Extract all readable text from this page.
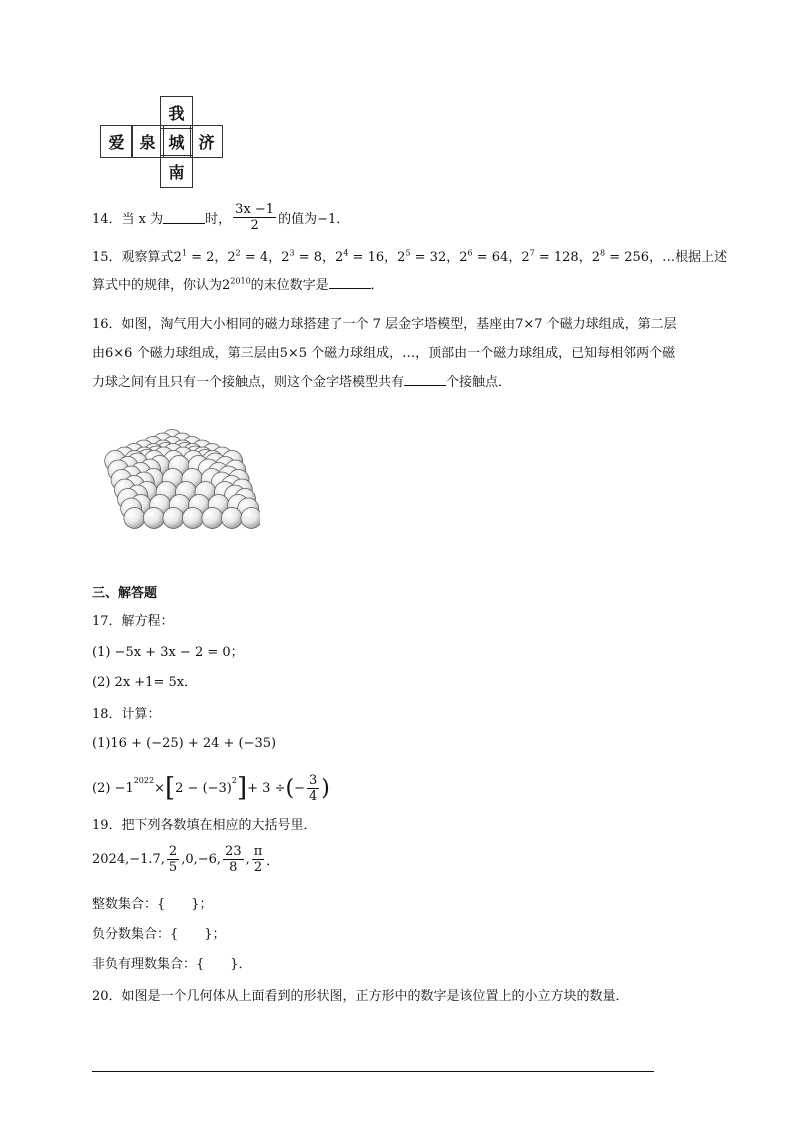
我
爱 泉 城 济
南
14． 当 x 为	时， $\frac{3x -1}{2}$ 的值为−1．
15．观察算式$2^1 = 2$，$2^2 = 4$，$2^3 = 8$，$2^4 = 16$，$2^5 = 32$，$2^6 = 64$，$2^7 = 128$，$2^8 = 256$，…根据上述
算式中的规律，你认为$2^{2010}$的末位数字是	．
16．如图，淘气用大小相同的磁力球搭建了一个 7 层金字塔模型，基座由7×7 个磁力球组成，第二层
由6×6 个磁力球组成，第三层由5×5 个磁力球组成，…，顶部由一个磁力球组成，已知每相邻两个磁
力球之间有且只有一个接触点，则这个金字塔模型共有	个接触点．
三、解答题
17．解方程：
(1) −5x + 3x − 2 = 0；
(2) 2x +1= 5x．
18．计算：
(1)16 + (−25) + 24 + (−35)
$(2) -1^{2022}$ × [ $2 - (-3)^2$ ] + 3 ÷ ( − $\frac{3}{4}$ )
19．把下列各数填在相应的大括号里．
2024,−1.7, $\frac{2}{5} ,0,-6$, $\frac{23}{8}$ , $\frac{\pi}{2}$ ．
整数集合：{　　}；
负分数集合：{　　}；
非负有理数集合：{　　}．
20．如图是一个几何体从上面看到的形状图，正方形中的数字是该位置上的小立方块的数量．
